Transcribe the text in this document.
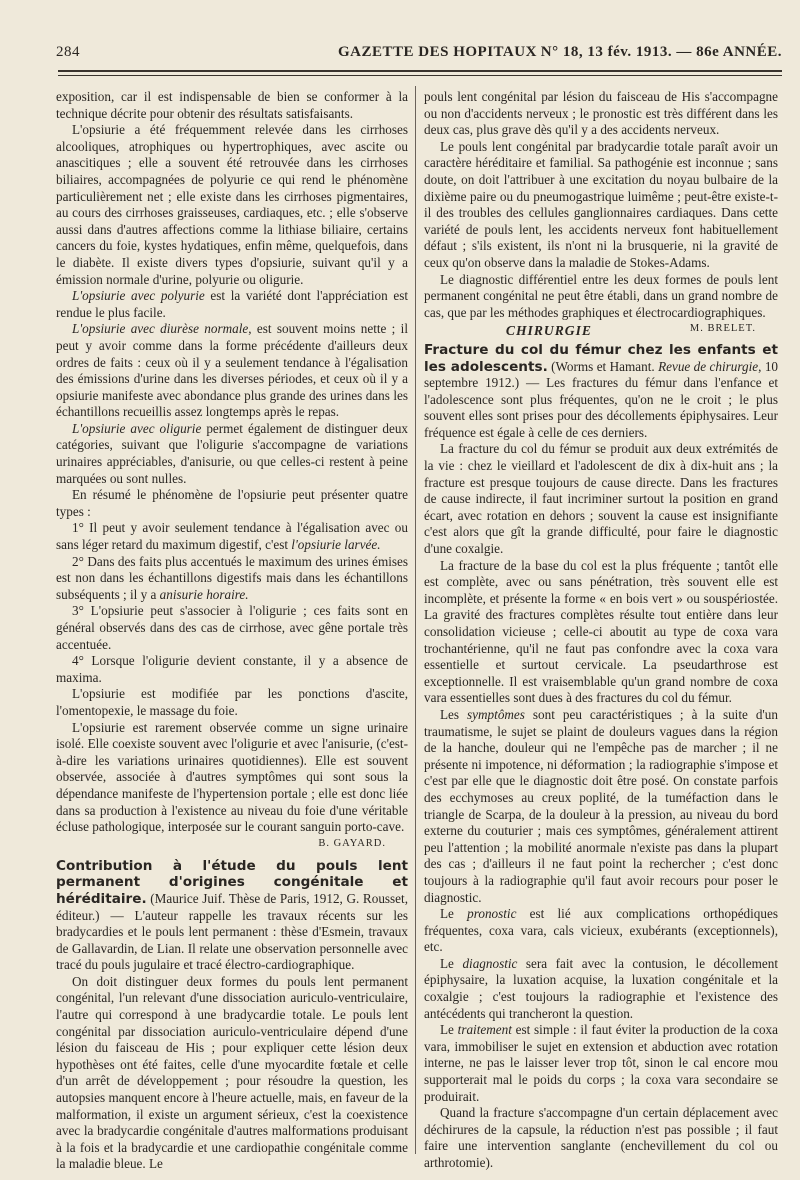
284	GAZETTE DES HOPITAUX N° 18, 13 fév. 1913. — 86e ANNÉE.

exposition, car il est indispensable de bien se conformer à la technique décrite pour obtenir des résultats satisfaisants.

L'opsiurie a été fréquemment relevée dans les cirrhoses alcooliques, atrophiques ou hypertrophiques, avec ascite ou anascitiques ; elle a souvent été retrouvée dans les cirrhoses biliaires, accompagnées de polyurie ce qui rend le phénomène particulièrement net ; elle existe dans les cirrhoses pigmentaires, au cours des cirrhoses graisseuses, cardiaques, etc. ; elle s'observe aussi dans d'autres affections comme la lithiase biliaire, certains cancers du foie, kystes hydatiques, enfin même, quelquefois, dans le diabète. Il existe divers types d'opsiurie, suivant qu'il y a émission normale d'urine, polyurie ou oligurie.

L'opsiurie avec polyurie est la variété dont l'appréciation est rendue le plus facile.

L'opsiurie avec diurèse normale, est souvent moins nette ; il peut y avoir comme dans la forme précédente d'ailleurs deux ordres de faits : ceux où il y a seulement tendance à l'égalisation des émissions d'urine dans les diverses périodes, et ceux où il y a opsiurie manifeste avec abondance plus grande des urines dans les échantillons recueillis assez longtemps après le repas.

L'opsiurie avec oligurie permet également de distinguer deux catégories, suivant que l'oligurie s'accompagne de variations urinaires appréciables, d'anisurie, ou que celles-ci restent à peine marquées ou sont nulles.

En résumé le phénomène de l'opsiurie peut présenter quatre types :

1° Il peut y avoir seulement tendance à l'égalisation avec ou sans léger retard du maximum digestif, c'est l'opsiurie larvée.

2° Dans des faits plus accentués le maximum des urines émises est non dans les échantillons digestifs mais dans les échantillons subséquents ; il y a anisurie horaire.

3° L'opsiurie peut s'associer à l'oligurie ; ces faits sont en général observés dans des cas de cirrhose, avec gêne portale très accentuée.

4° Lorsque l'oligurie devient constante, il y a absence de maxima.

L'opsiurie est modifiée par les ponctions d'ascite, l'omentopexie, le massage du foie.

L'opsiurie est rarement observée comme un signe urinaire isolé. Elle coexiste souvent avec l'oligurie et avec l'anisurie, (c'est-à-dire les variations urinaires quotidiennes). Elle est souvent observée, associée à d'autres symptômes qui sont sous la dépendance manifeste de l'hypertension portale ; elle est donc liée dans sa production à l'existence au niveau du foie d'une véritable écluse pathologique, interposée sur le courant sanguin porto-cave.
B. GAYARD.

Contribution à l'étude du pouls lent permanent d'origines congénitale et héréditaire. (Maurice Juif. Thèse de Paris, 1912, G. Rousset, éditeur.) — L'auteur rappelle les travaux récents sur les bradycardies et le pouls lent permanent : thèse d'Esmein, travaux de Gallavardin, de Lian. Il relate une observation personnelle avec tracé du pouls jugulaire et tracé électro-cardiographique.

On doit distinguer deux formes du pouls lent permanent congénital, l'un relevant d'une dissociation auriculo-ventriculaire, l'autre qui correspond à une bradycardie totale. Le pouls lent congénital par dissociation auriculo-ventriculaire dépend d'une lésion du faisceau de His ; pour expliquer cette lésion deux hypothèses ont été faites, celle d'une myocardite fœtale et celle d'un arrêt de développement ; pour résoudre la question, les autopsies manquent encore à l'heure actuelle, mais, en faveur de la malformation, il existe un argument sérieux, c'est la coexistence avec la bradycardie congénitale d'autres malformations produisant à la fois et la bradycardie et une cardiopathie congénitale comme la maladie bleue. Le

pouls lent congénital par lésion du faisceau de His s'accompagne ou non d'accidents nerveux ; le pronostic est très différent dans les deux cas, plus grave dès qu'il y a des accidents nerveux.

Le pouls lent congénital par bradycardie totale paraît avoir un caractère héréditaire et familial. Sa pathogénie est inconnue ; sans doute, on doit l'attribuer à une excitation du noyau bulbaire de la dixième paire ou du pneumogastrique luimême ; peut-être existe-t-il des troubles des cellules ganglionnaires cardiaques. Dans cette variété de pouls lent, les accidents nerveux font habituellement défaut ; s'ils existent, ils n'ont ni la brusquerie, ni la gravité de ceux qu'on observe dans la maladie de Stokes-Adams.

Le diagnostic différentiel entre les deux formes de pouls lent permanent congénital ne peut être établi, dans un grand nombre de cas, que par les méthodes graphiques et électrocardiographiques.
M. BRELET.

CHIRURGIE

Fracture du col du fémur chez les enfants et les adolescents. (Worms et Hamant. Revue de chirurgie, 10 septembre 1912.) — Les fractures du fémur dans l'enfance et l'adolescence sont plus fréquentes, qu'on ne le croit ; le plus souvent elles sont prises pour des décollements épiphysaires. Leur fréquence est égale à celle de ces derniers.

La fracture du col du fémur se produit aux deux extrémités de la vie : chez le vieillard et l'adolescent de dix à dix-huit ans ; la fracture est presque toujours de cause directe. Dans les fractures de cause indirecte, il faut incriminer surtout la position en grand écart, avec rotation en dehors ; souvent la cause est insignifiante c'est alors que gît la grande difficulté, pour faire le diagnostic d'une coxalgie.

La fracture de la base du col est la plus fréquente ; tantôt elle est complète, avec ou sans pénétration, très souvent elle est incomplète, et présente la forme « en bois vert » ou souspériostée. La gravité des fractures complètes résulte tout entière dans leur consolidation vicieuse ; celle-ci aboutit au type de coxa vara trochantérienne, qu'il ne faut pas confondre avec la coxa vara essentielle et surtout cervicale. La pseudarthrose est exceptionnelle. Il est vraisemblable qu'un grand nombre de coxa vara essentielles sont dues à des fractures du col du fémur.

Les symptômes sont peu caractéristiques ; à la suite d'un traumatisme, le sujet se plaint de douleurs vagues dans la région de la hanche, douleur qui ne l'empêche pas de marcher ; il ne présente ni impotence, ni déformation ; la radiographie s'impose et c'est par elle que le diagnostic doit être posé. On constate parfois des ecchymoses au creux poplité, de la tuméfaction dans le triangle de Scarpa, de la douleur à la pression, au niveau du bord externe du couturier ; mais ces symptômes, généralement attirent peu l'attention ; la mobilité anormale n'existe pas dans la plupart des cas ; d'ailleurs il ne faut point la rechercher ; c'est donc toujours à la radiographie qu'il faut avoir recours pour poser le diagnostic.

Le pronostic est lié aux complications orthopédiques fréquentes, coxa vara, cals vicieux, exubérants (exceptionnels), etc.

Le diagnostic sera fait avec la contusion, le décollement épiphysaire, la luxation acquise, la luxation congénitale et la coxalgie ; c'est toujours la radiographie et l'existence des antécédents qui trancheront la question.

Le traitement est simple : il faut éviter la production de la coxa vara, immobiliser le sujet en extension et abduction avec rotation interne, ne pas le laisser lever trop tôt, sinon le cal encore mou supporterait mal le poids du corps ; la coxa vara secondaire se produirait.

Quand la fracture s'accompagne d'un certain déplacement avec déchirures de la capsule, la réduction n'est pas possible ; il faut faire une intervention sanglante (enchevillement du col ou arthrotomie).
